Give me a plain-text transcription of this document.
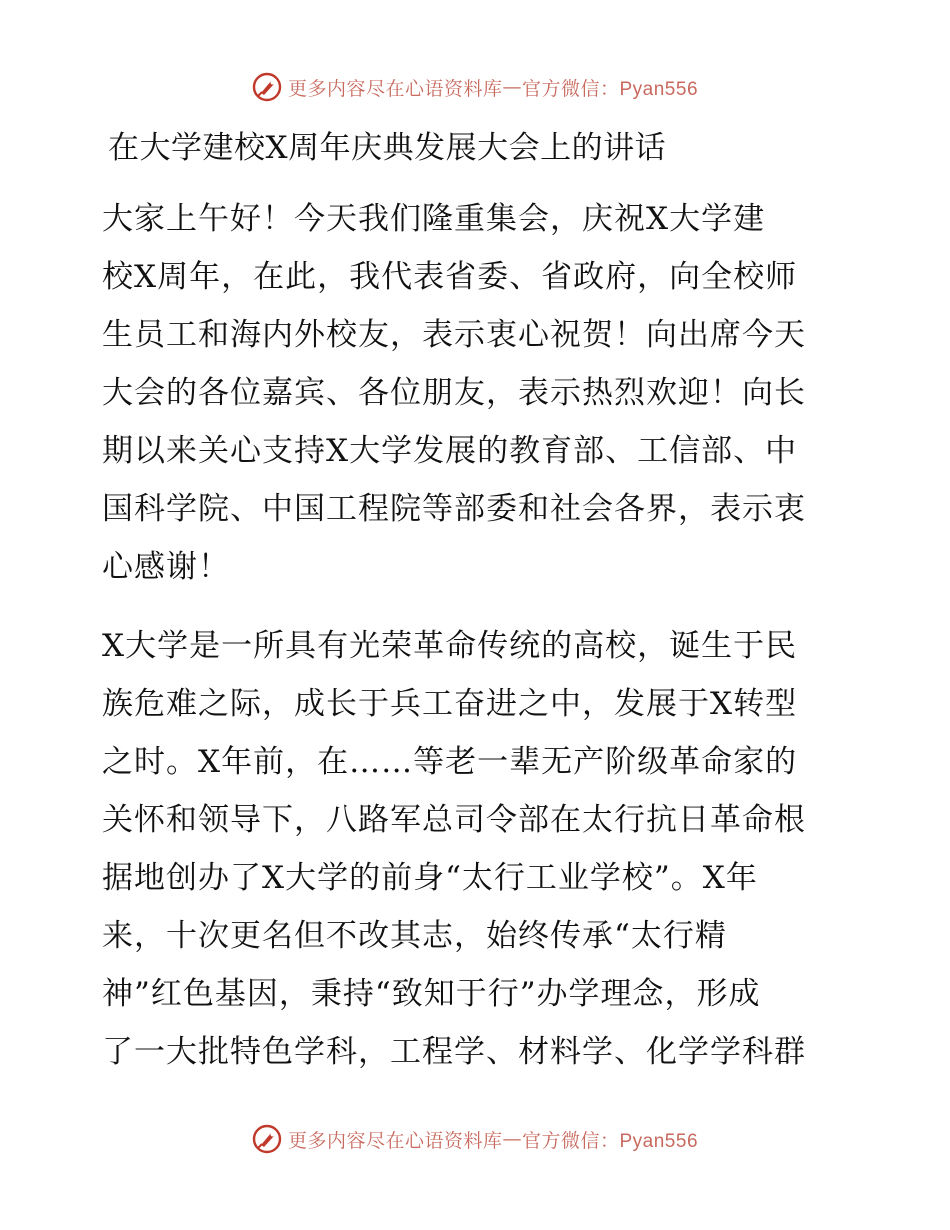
更多内容尽在心语资料库 — 官方微信：Pyan556
在大学建校X周年庆典发展大会上的讲话
大家上午好！今天我们隆重集会，庆祝X大学建
校X周年，在此，我代表省委、省政府，向全校师
生员工和海内外校友，表示衷心祝贺！向出席今天
大会的各位嘉宾、各位朋友，表示热烈欢迎！向长
期以来关心支持X大学发展的教育部、工信部、中
国科学院、中国工程院等部委和社会各界，表示衷
心感谢！
X大学是一所具有光荣革命传统的高校，诞生于民
族危难之际，成长于兵工奋进之中，发展于X转型
之时。X年前，在……等老一辈无产阶级革命家的
关怀和领导下，八路军总司令部在太行抗日革命根
据地创办了X大学的前身“太行工业学校”。X年
来，十次更名但不改其志，始终传承“太行精
神”红色基因，秉持“致知于行”办学理念，形成
了一大批特色学科，工程学、材料学、化学学科群
更多内容尽在心语资料库 — 官方微信：Pyan556
